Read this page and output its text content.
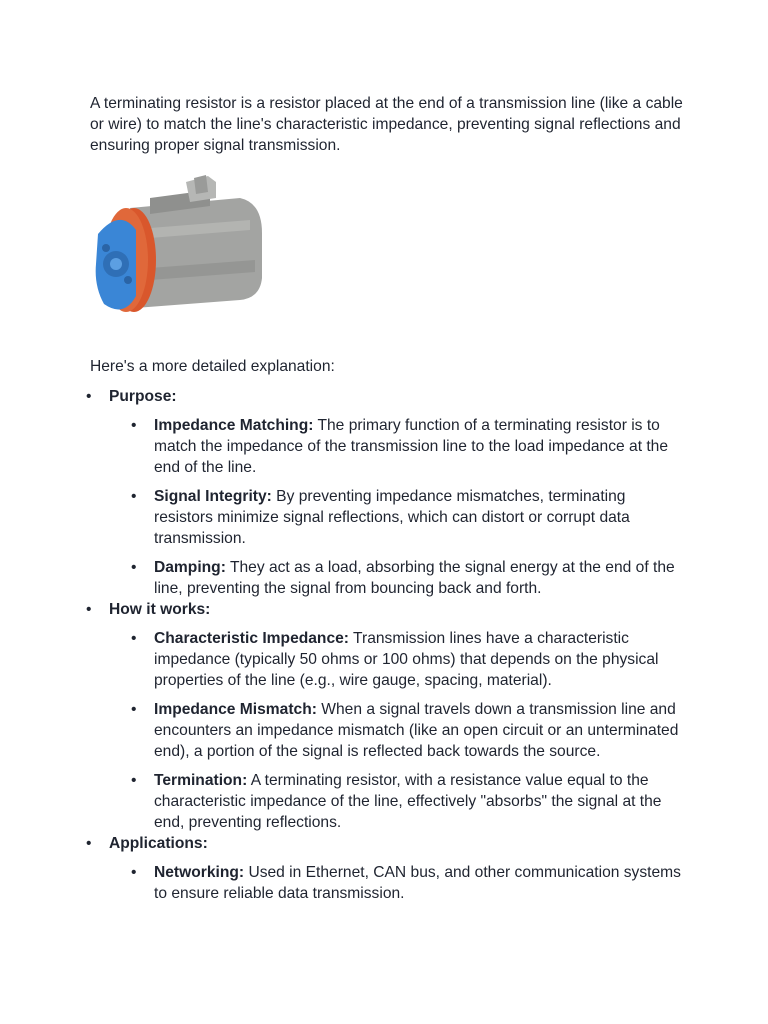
A terminating resistor is a resistor placed at the end of a transmission line (like a cable or wire) to match the line's characteristic impedance, preventing signal reflections and ensuring proper signal transmission.

Here's a more detailed explanation:

• Purpose:
• Impedance Matching: The primary function of a terminating resistor is to match the impedance of the transmission line to the load impedance at the end of the line.
• Signal Integrity: By preventing impedance mismatches, terminating resistors minimize signal reflections, which can distort or corrupt data transmission.
• Damping: They act as a load, absorbing the signal energy at the end of the line, preventing the signal from bouncing back and forth.
• How it works:
• Characteristic Impedance: Transmission lines have a characteristic impedance (typically 50 ohms or 100 ohms) that depends on the physical properties of the line (e.g., wire gauge, spacing, material).
• Impedance Mismatch: When a signal travels down a transmission line and encounters an impedance mismatch (like an open circuit or an unterminated end), a portion of the signal is reflected back towards the source.
• Termination: A terminating resistor, with a resistance value equal to the characteristic impedance of the line, effectively "absorbs" the signal at the end, preventing reflections.
• Applications:
• Networking: Used in Ethernet, CAN bus, and other communication systems to ensure reliable data transmission.
